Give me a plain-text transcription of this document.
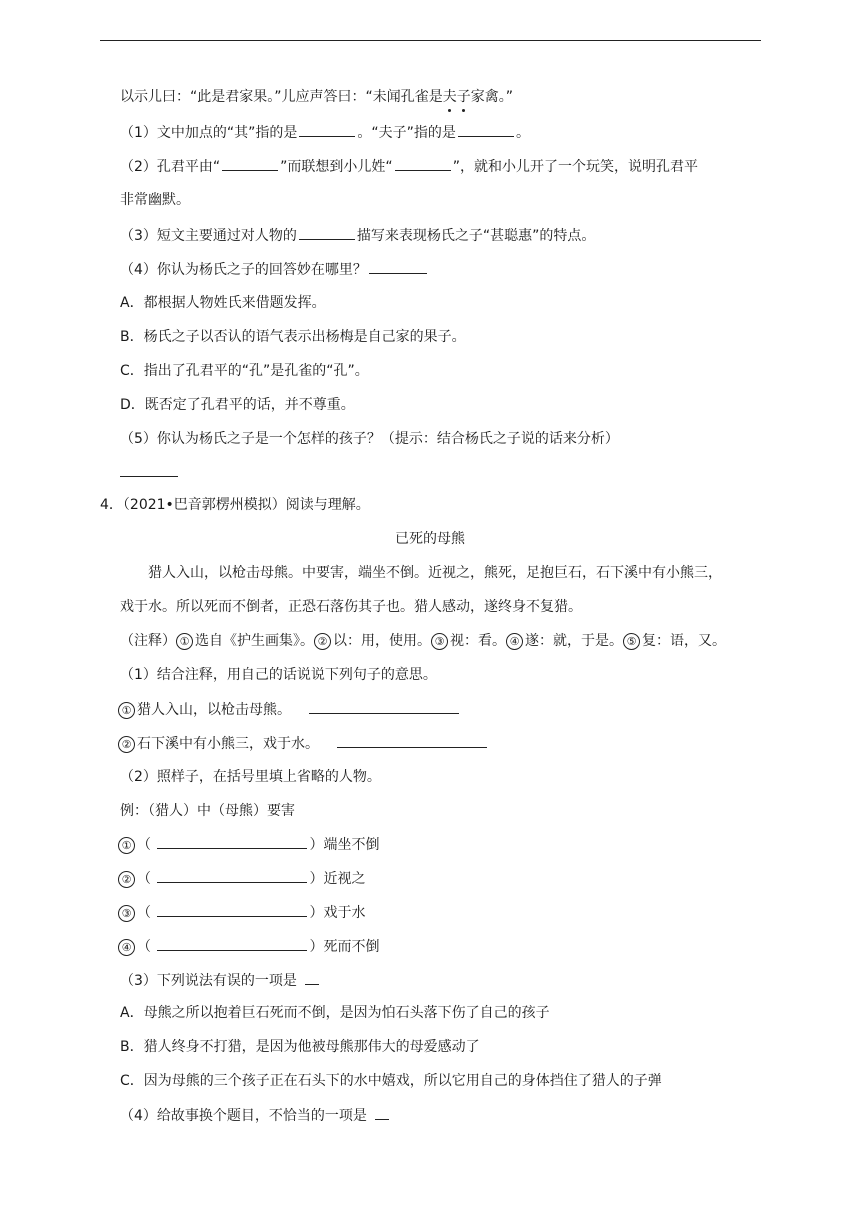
以示儿曰：“此是君家果。”儿应声答曰：“未闻孔雀是夫子家禽。”
（1）文中加点的“其”指的是	。“夫子”指的是	。
（2）孔君平由“	”而联想到小儿姓“	”，就和小儿开了一个玩笑，说明孔君平
非常幽默。
（3）短文主要通过对人物的	描写来表现杨氏之子“甚聪惠”的特点。
（4）你认为杨氏之子的回答妙在哪里？
A．都根据人物姓氏来借题发挥。
B．杨氏之子以否认的语气表示出杨梅是自己家的果子。
C．指出了孔君平的“孔”是孔雀的“孔”。
D．既否定了孔君平的话，并不尊重。
（5）你认为杨氏之子是一个怎样的孩子？（提示：结合杨氏之子说的话来分析）
4．（2021•巴音郭楞州模拟）阅读与理解。
已死的母熊
猎人入山，以枪击母熊。中要害，端坐不倒。近视之，熊死，足抱巨石，石下溪中有小熊三，
戏于水。所以死而不倒者，正恐石落伤其子也。猎人感动，遂终身不复猎。
（注释） ① 选自《护生画集》。 ② 以：用，使用。 ③ 视：看。 ④ 遂：就，于是。 ⑤ 复：语，又。
（1）结合注释，用自己的话说说下列句子的意思。
① 猎人入山，以枪击母熊。
② 石下溪中有小熊三，戏于水。
（2）照样子，在括号里填上省略的人物。
例：（猎人）中（母熊）要害
① （	）端坐不倒
② （	）近视之
③ （	）戏于水
④ （	）死而不倒
（3）下列说法有误的一项是
A．母熊之所以抱着巨石死而不倒，是因为怕石头落下伤了自己的孩子
B．猎人终身不打猎，是因为他被母熊那伟大的母爱感动了
C．因为母熊的三个孩子正在石头下的水中嬉戏，所以它用自己的身体挡住了猎人的子弹
（4）给故事换个题目，不恰当的一项是
